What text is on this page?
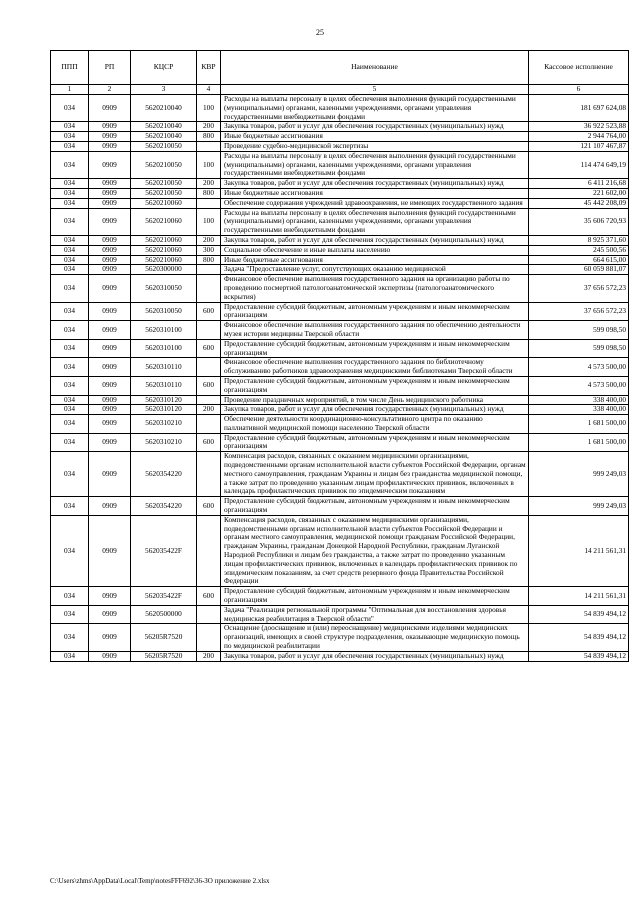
25
ППП	РП	КЦСР	КВР	Наименование	Кассовое исполнение
1	2	3	4	5	6
034	0909	5620210040	100	Расходы на выплаты персоналу в целях обеспечения выполнения функций государственными (муниципальными) органами, казенными учреждениями, органами управления государственными внебюджетными фондами	181 697 624,08
034	0909	5620210040	200	Закупка товаров, работ и услуг для обеспечения государственных (муниципальных) нужд	36 922 523,88
034	0909	5620210040	800	Иные бюджетные ассигнования	2 944 764,00
034	0909	5620210050		Проведение судебно-медицинской экспертизы	121 107 467,87
034	0909	5620210050	100	Расходы на выплаты персоналу в целях обеспечения выполнения функций государственными (муниципальными) органами, казенными учреждениями, органами управления государственными внебюджетными фондами	114 474 649,19
034	0909	5620210050	200	Закупка товаров, работ и услуг для обеспечения государственных (муниципальных) нужд	6 411 216,68
034	0909	5620210050	800	Иные бюджетные ассигнования	221 602,00
034	0909	5620210060		Обеспечение содержания учреждений здравоохранения, не имеющих государственного задания	45 442 208,09
034	0909	5620210060	100	Расходы на выплаты персоналу в целях обеспечения выполнения функций государственными (муниципальными) органами, казенными учреждениями, органами управления государственными внебюджетными фондами	35 606 720,93
034	0909	5620210060	200	Закупка товаров, работ и услуг для обеспечения государственных (муниципальных) нужд	8 925 371,60
034	0909	5620210060	300	Социальное обеспечение и иные выплаты населению	245 500,56
034	0909	5620210060	800	Иные бюджетные ассигнования	664 615,00
034	0909	5620300000		Задача "Предоставление услуг, сопутствующих оказанию медицинской	60 059 881,07
034	0909	5620310050		Финансовое обеспечение выполнения государственного задания на организацию работы по проведению посмертной патологоанатомической экспертизы (патологоанатомического вскрытия)	37 656 572,23
034	0909	5620310050	600	Предоставление субсидий бюджетным, автономным учреждениям и иным некоммерческим организациям	37 656 572,23
034	0909	5620310100		Финансовое обеспечение выполнения государственного задания по обеспечению деятельности музея истории медицины Тверской области	599 098,50
034	0909	5620310100	600	Предоставление субсидий бюджетным, автономным учреждениям и иным некоммерческим организациям	599 098,50
034	0909	5620310110		Финансовое обеспечение выполнения государственного задания по библиотечному обслуживанию работников здравоохранения медицинскими библиотеками Тверской области	4 573 500,00
034	0909	5620310110	600	Предоставление субсидий бюджетным, автономным учреждениям и иным некоммерческим организациям	4 573 500,00
034	0909	5620310120		Проведение праздничных мероприятий, в том числе День медицинского работника	338 400,00
034	0909	5620310120	200	Закупка товаров, работ и услуг для обеспечения государственных (муниципальных) нужд	338 400,00
034	0909	5620310210		Обеспечение деятельности координационно-консультативного центра по оказанию паллиативной медицинской помощи населению Тверской области	1 681 500,00
034	0909	5620310210	600	Предоставление субсидий бюджетным, автономным учреждениям и иным некоммерческим организациям	1 681 500,00
034	0909	5620354220		Компенсация расходов, связанных с оказанием медицинскими организациями, подведомственными органам исполнительной власти субъектов Российской Федерации, органам местного самоуправления, гражданам Украины и лицам без гражданства медицинской помощи, а также затрат по проведению указанным лицам профилактических прививок, включенных в календарь профилактических прививок по эпидемическим показаниям	999 249,03
034	0909	5620354220	600	Предоставление субсидий бюджетным, автономным учреждениям и иным некоммерческим организациям	999 249,03
034	0909	562035422F		Компенсация расходов, связанных с оказанием медицинскими организациями, подведомственными органам исполнительной власти субъектов Российской Федерации и органам местного самоуправления, медицинской помощи гражданам Российской Федерации, гражданам Украины, гражданам Донецкой Народной Республики, гражданам Луганской Народной Республики и лицам без гражданства, а также затрат по проведению указанным лицам профилактических прививок, включенных в календарь профилактических прививок по эпидемическим показаниям, за счет средств резервного фонда Правительства Российской Федерации	14 211 561,31
034	0909	562035422F	600	Предоставление субсидий бюджетным, автономным учреждениям и иным некоммерческим организациям	14 211 561,31
034	0909	5620500000		Задача "Реализация региональной программы "Оптимальная для восстановления здоровья медицинская реабилитация в Тверской области"	54 839 494,12
034	0909	56205R7520		Оснащение (дооснащение и (или) переоснащение) медицинскими изделиями медицинских организаций, имеющих в своей структуре подразделения, оказывающие медицинскую помощь по медицинской реабилитации	54 839 494,12
034	0909	56205R7520	200	Закупка товаров, работ и услуг для обеспечения государственных (муниципальных) нужд	54 839 494,12
C:\Users\zhms\AppData\Local\Temp\notesFFF692\36-ЗО приложение 2.xlsx
